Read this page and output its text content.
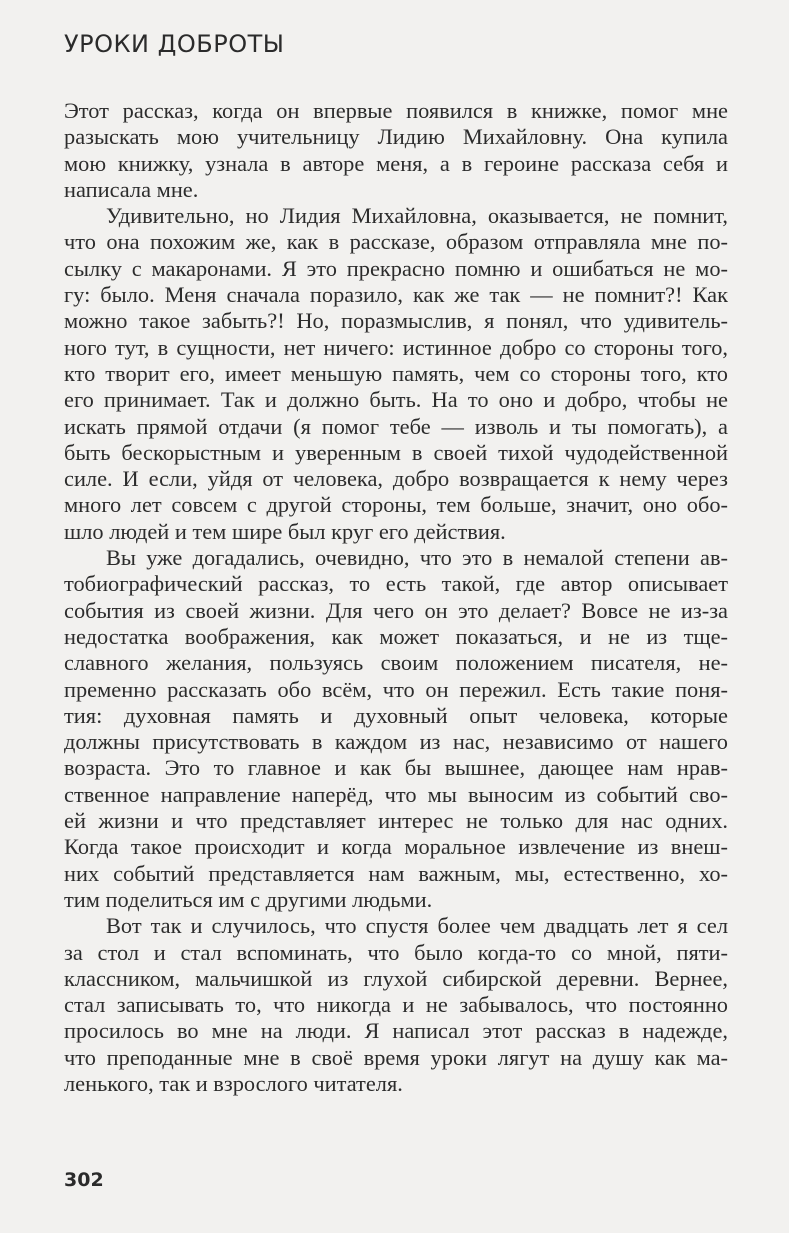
УРОКИ ДОБРОТЫ

Этот рассказ, когда он впервые появился в книжке, помог мне
разыскать мою учительницу Лидию Михайловну. Она купила
мою книжку, узнала в авторе меня, а в героине рассказа себя и
написала мне.

Удивительно, но Лидия Михайловна, оказывается, не помнит,
что она похожим же, как в рассказе, образом отправляла мне по-
сылку с макаронами. Я это прекрасно помню и ошибаться не мо-
гу: было. Меня сначала поразило, как же так — не помнит?! Как
можно такое забыть?! Но, поразмыслив, я понял, что удивитель-
ного тут, в сущности, нет ничего: истинное добро со стороны того,
кто творит его, имеет меньшую память, чем со стороны того, кто
его принимает. Так и должно быть. На то оно и добро, чтобы не
искать прямой отдачи (я помог тебе — изволь и ты помогать), а
быть бескорыстным и уверенным в своей тихой чудодейственной
силе. И если, уйдя от человека, добро возвращается к нему через
много лет совсем с другой стороны, тем больше, значит, оно обо-
шло людей и тем шире был круг его действия.

Вы уже догадались, очевидно, что это в немалой степени ав-
тобиографический рассказ, то есть такой, где автор описывает
события из своей жизни. Для чего он это делает? Вовсе не из-за
недостатка воображения, как может показаться, и не из тще-
славного желания, пользуясь своим положением писателя, не-
пременно рассказать обо всём, что он пережил. Есть такие поня-
тия: духовная память и духовный опыт человека, которые
должны присутствовать в каждом из нас, независимо от нашего
возраста. Это то главное и как бы вышнее, дающее нам нрав-
ственное направление наперёд, что мы выносим из событий сво-
ей жизни и что представляет интерес не только для нас одних.
Когда такое происходит и когда моральное извлечение из внеш-
них событий представляется нам важным, мы, естественно, хо-
тим поделиться им с другими людьми.

Вот так и случилось, что спустя более чем двадцать лет я сел
за стол и стал вспоминать, что было когда-то со мной, пяти-
классником, мальчишкой из глухой сибирской деревни. Вернее,
стал записывать то, что никогда и не забывалось, что постоянно
просилось во мне на люди. Я написал этот рассказ в надежде,
что преподанные мне в своё время уроки лягут на душу как ма-
ленького, так и взрослого читателя.

302
